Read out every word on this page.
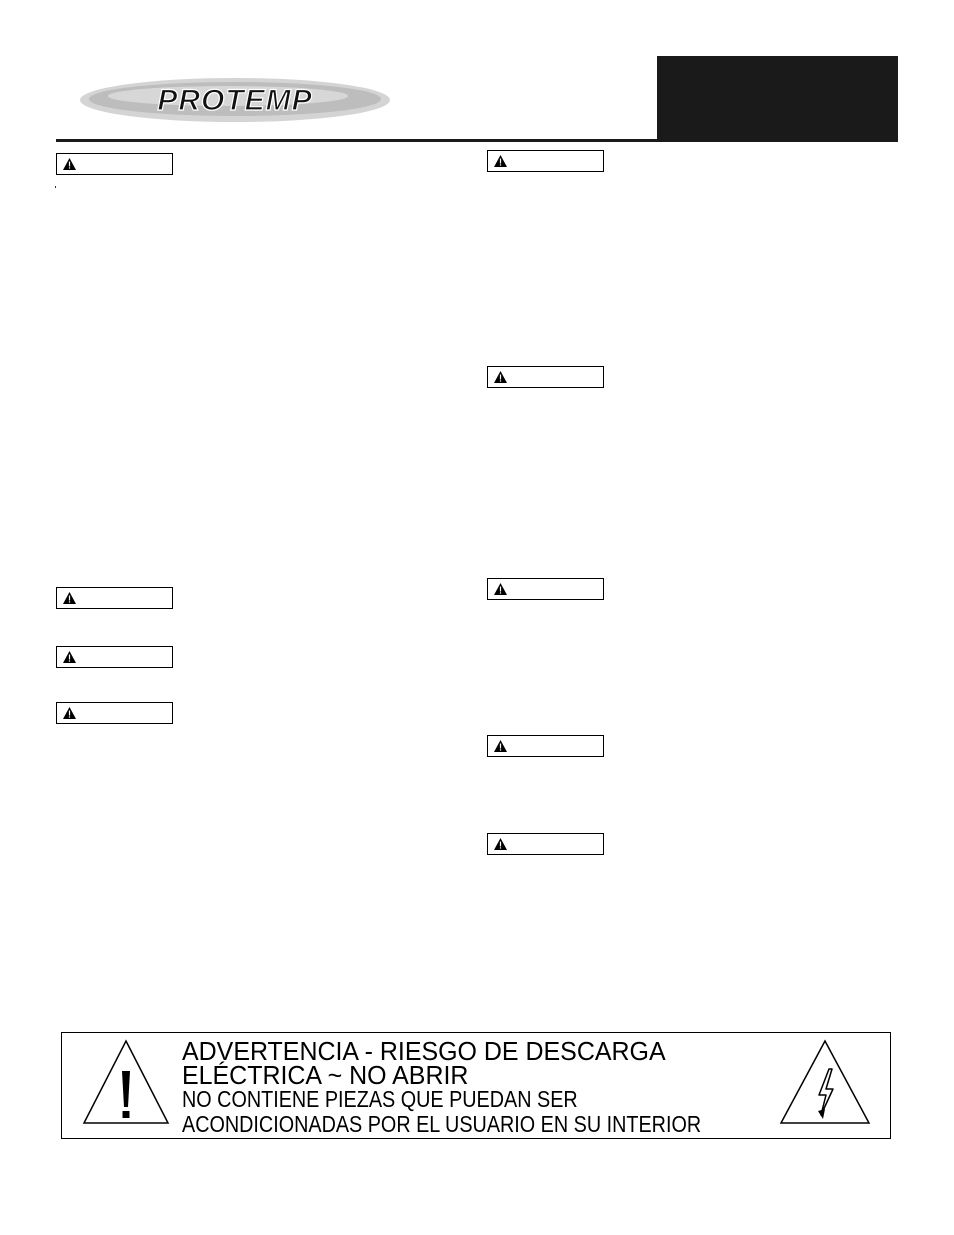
PROTEMP
ADVERTENCIA - RIESGO DE DESCARGA
ELÉCTRICA ~ NO ABRIR
NO CONTIENE PIEZAS QUE PUEDAN SER
ACONDICIONADAS POR EL USUARIO EN SU INTERIOR
